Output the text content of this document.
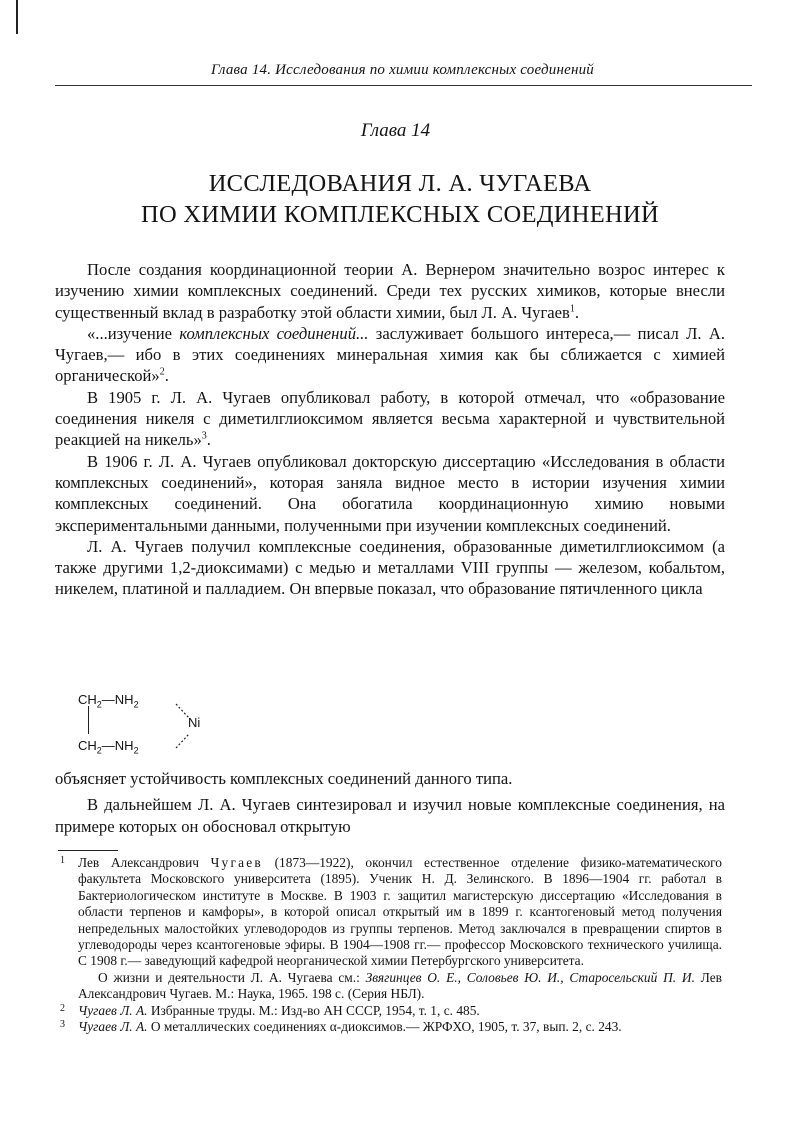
Глава 14. Исследования по химии комплексных соединений
Глава 14
ИССЛЕДОВАНИЯ Л. А. ЧУГАЕВА
ПО ХИМИИ КОМПЛЕКСНЫХ СОЕДИНЕНИЙ

После создания координационной теории А. Вернером значительно возрос интерес к изучению химии комплексных соединений. Среди тех русских химиков, которые внесли существенный вклад в разработку этой области химии, был Л. А. Чугаев$^1$.

«...изучение комплексных соединений... заслуживает большого интереса,— писал Л. А. Чугаев,— ибо в этих соединениях минеральная химия как бы сближается с химией органической»$^2$.

В 1905 г. Л. А. Чугаев опубликовал работу, в которой отмечал, что «образование соединения никеля с диметилглиоксимом является весьма характерной и чувствительной реакцией на никель»$^3$.

В 1906 г. Л. А. Чугаев опубликовал докторскую диссертацию «Исследования в области комплексных соединений», которая заняла видное место в истории изучения химии комплексных соединений. Она обогатила координационную химию новыми экспериментальными данными, полученными при изучении комплексных соединений.

Л. А. Чугаев получил комплексные соединения, образованные диметилглиоксимом (а также другими 1,2-диоксимами) с медью и металлами VIII группы — железом, кобальтом, никелем, платиной и палладием. Он впервые показал, что образование пятичленного цикла

$CH_2—NH_2$
Ni
$CH_2—NH_2$

объясняет устойчивость комплексных соединений данного типа.

В дальнейшем Л. А. Чугаев синтезировал и изучил новые комплексные соединения, на примере которых он обосновал открытую

1 Лев Александрович Чугаев (1873—1922), окончил естественное отделение физико-математического факультета Московского университета (1895). Ученик Н. Д. Зелинского. В 1896—1904 гг. работал в Бактериологическом институте в Москве. В 1903 г. защитил магистерскую диссертацию «Исследования в области терпенов и камфоры», в которой описал открытый им в 1899 г. ксантогеновый метод получения непредельных малостойких углеводородов из группы терпенов. Метод заключался в превращении спиртов в углеводороды через ксантогеновые эфиры. В 1904—1908 гг.— профессор Московского технического училища. С 1908 г.— заведующий кафедрой неорганической химии Петербургского университета.

О жизни и деятельности Л. А. Чугаева см.: Звягинцев О. Е., Соловьев Ю. И., Старосельский П. И. Лев Александрович Чугаев. М.: Наука, 1965. 198 с. (Серия НБЛ).

2 Чугаев Л. А. Избранные труды. М.: Изд-во АН СССР, 1954, т. 1, с. 485.

3 Чугаев Л. А. О металлических соединениях α-диоксимов.— ЖРФХО, 1905, т. 37, вып. 2, с. 243.
